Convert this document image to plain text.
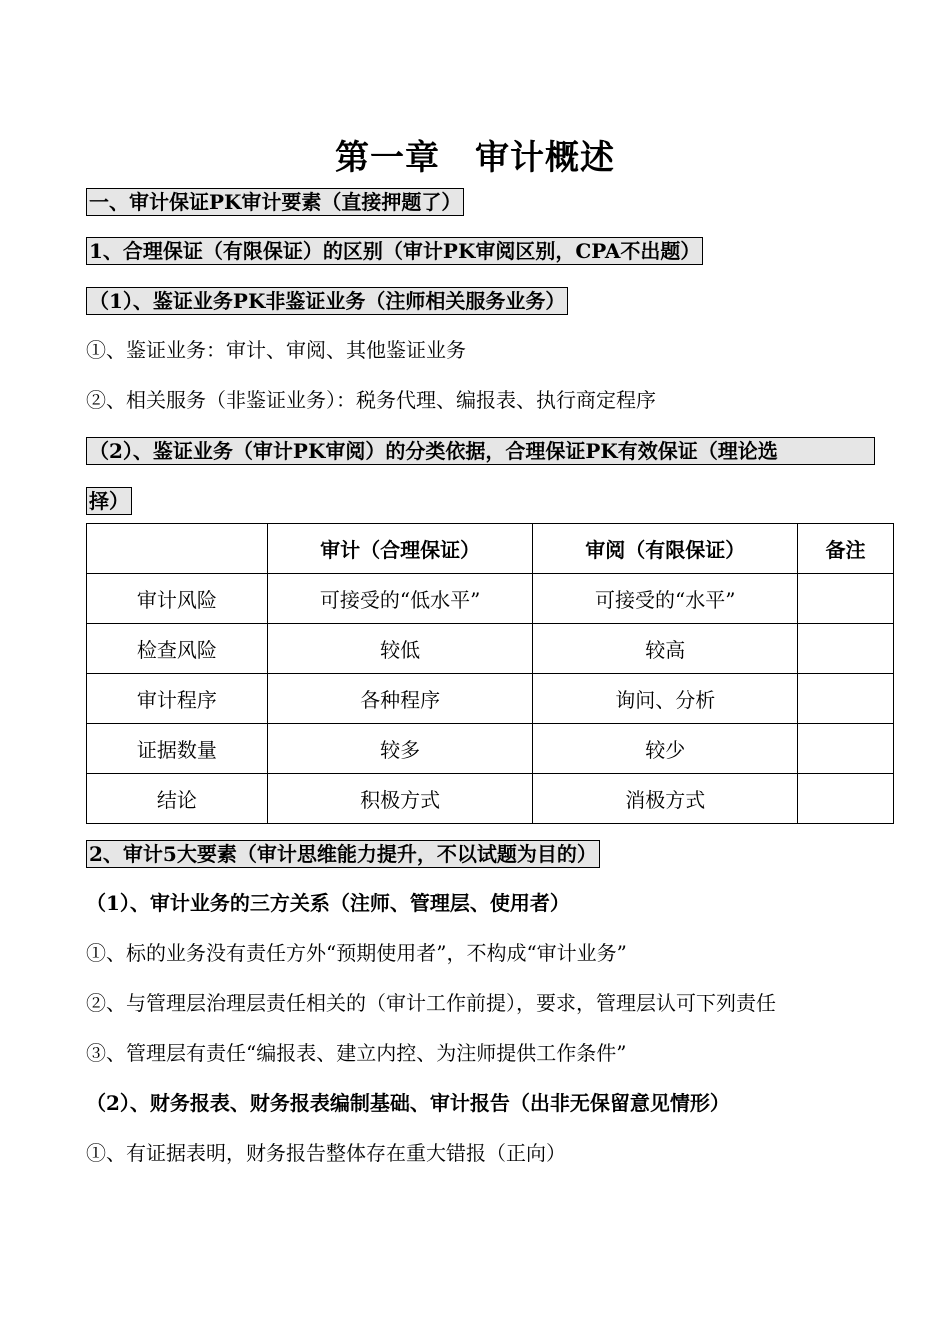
第一章　审计概述
一、审计保证PK审计要素（直接押题了）
1、合理保证（有限保证）的区别（审计PK审阅区别，CPA不出题）
（1）、鉴证业务PK非鉴证业务（注师相关服务业务）
①、鉴证业务：审计、审阅、其他鉴证业务
②、相关服务（非鉴证业务）：税务代理、编报表、执行商定程序
（2）、鉴证业务（审计PK审阅）的分类依据，合理保证PK有效保证（理论选
择）
	审计（合理保证）	审阅（有限保证）	备注
审计风险	可接受的“低水平”	可接受的“水平”	
检查风险	较低	较高	
审计程序	各种程序	询问、分析	
证据数量	较多	较少	
结论	积极方式	消极方式	
2、审计5大要素（审计思维能力提升，不以试题为目的）
（1）、审计业务的三方关系（注师、管理层、使用者）
①、标的业务没有责任方外“预期使用者”，不构成“审计业务”
②、与管理层治理层责任相关的（审计工作前提），要求，管理层认可下列责任
③、管理层有责任“编报表、建立内控、为注师提供工作条件”
（2）、财务报表、财务报表编制基础、审计报告（出非无保留意见情形）
①、有证据表明，财务报告整体存在重大错报（正向）
